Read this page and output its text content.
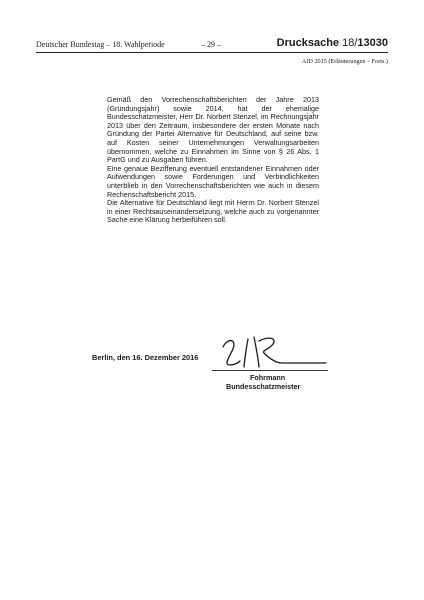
Deutscher Bundestag – 18. Wahlperiode	– 29 –	Drucksache 18/13030
AfD 2015 (Erläuterungen – Forts.)

Gemäß den Vorrechenschaftsberichten der Jahre 2013 (Gründungsjahr) sowie 2014, hat der ehemalige Bundesschatzmeister, Herr Dr. Norbert Stenzel, im Rechnungsjahr 2013 über den Zeitraum, insbesondere der ersten Monate nach Gründung der Partei Alternative für Deutschland, auf seine bzw. auf Kosten seiner Unternehmungen Verwaltungsarbeiten übernommen, welche zu Einnahmen im Sinne von § 26 Abs. 1 PartG und zu Ausgaben führen.

Eine genaue Bezifferung eventuell entstandener Einnahmen oder Aufwendungen sowie Forderungen und Verbindlichkeiten unterblieb in den Vorrechenschaftsberichten wie auch in diesem Rechenschaftsbericht 2015.

Die Alternative für Deutschland liegt mit Herrn Dr. Norbert Stenzel in einer Rechtsauseinandersetzung, welche auch zu vorgenannter Sache eine Klärung herbeiführen soll.

Berlin, den 16. Dezember 2016
Fohrmann
Bundesschatzmeister
